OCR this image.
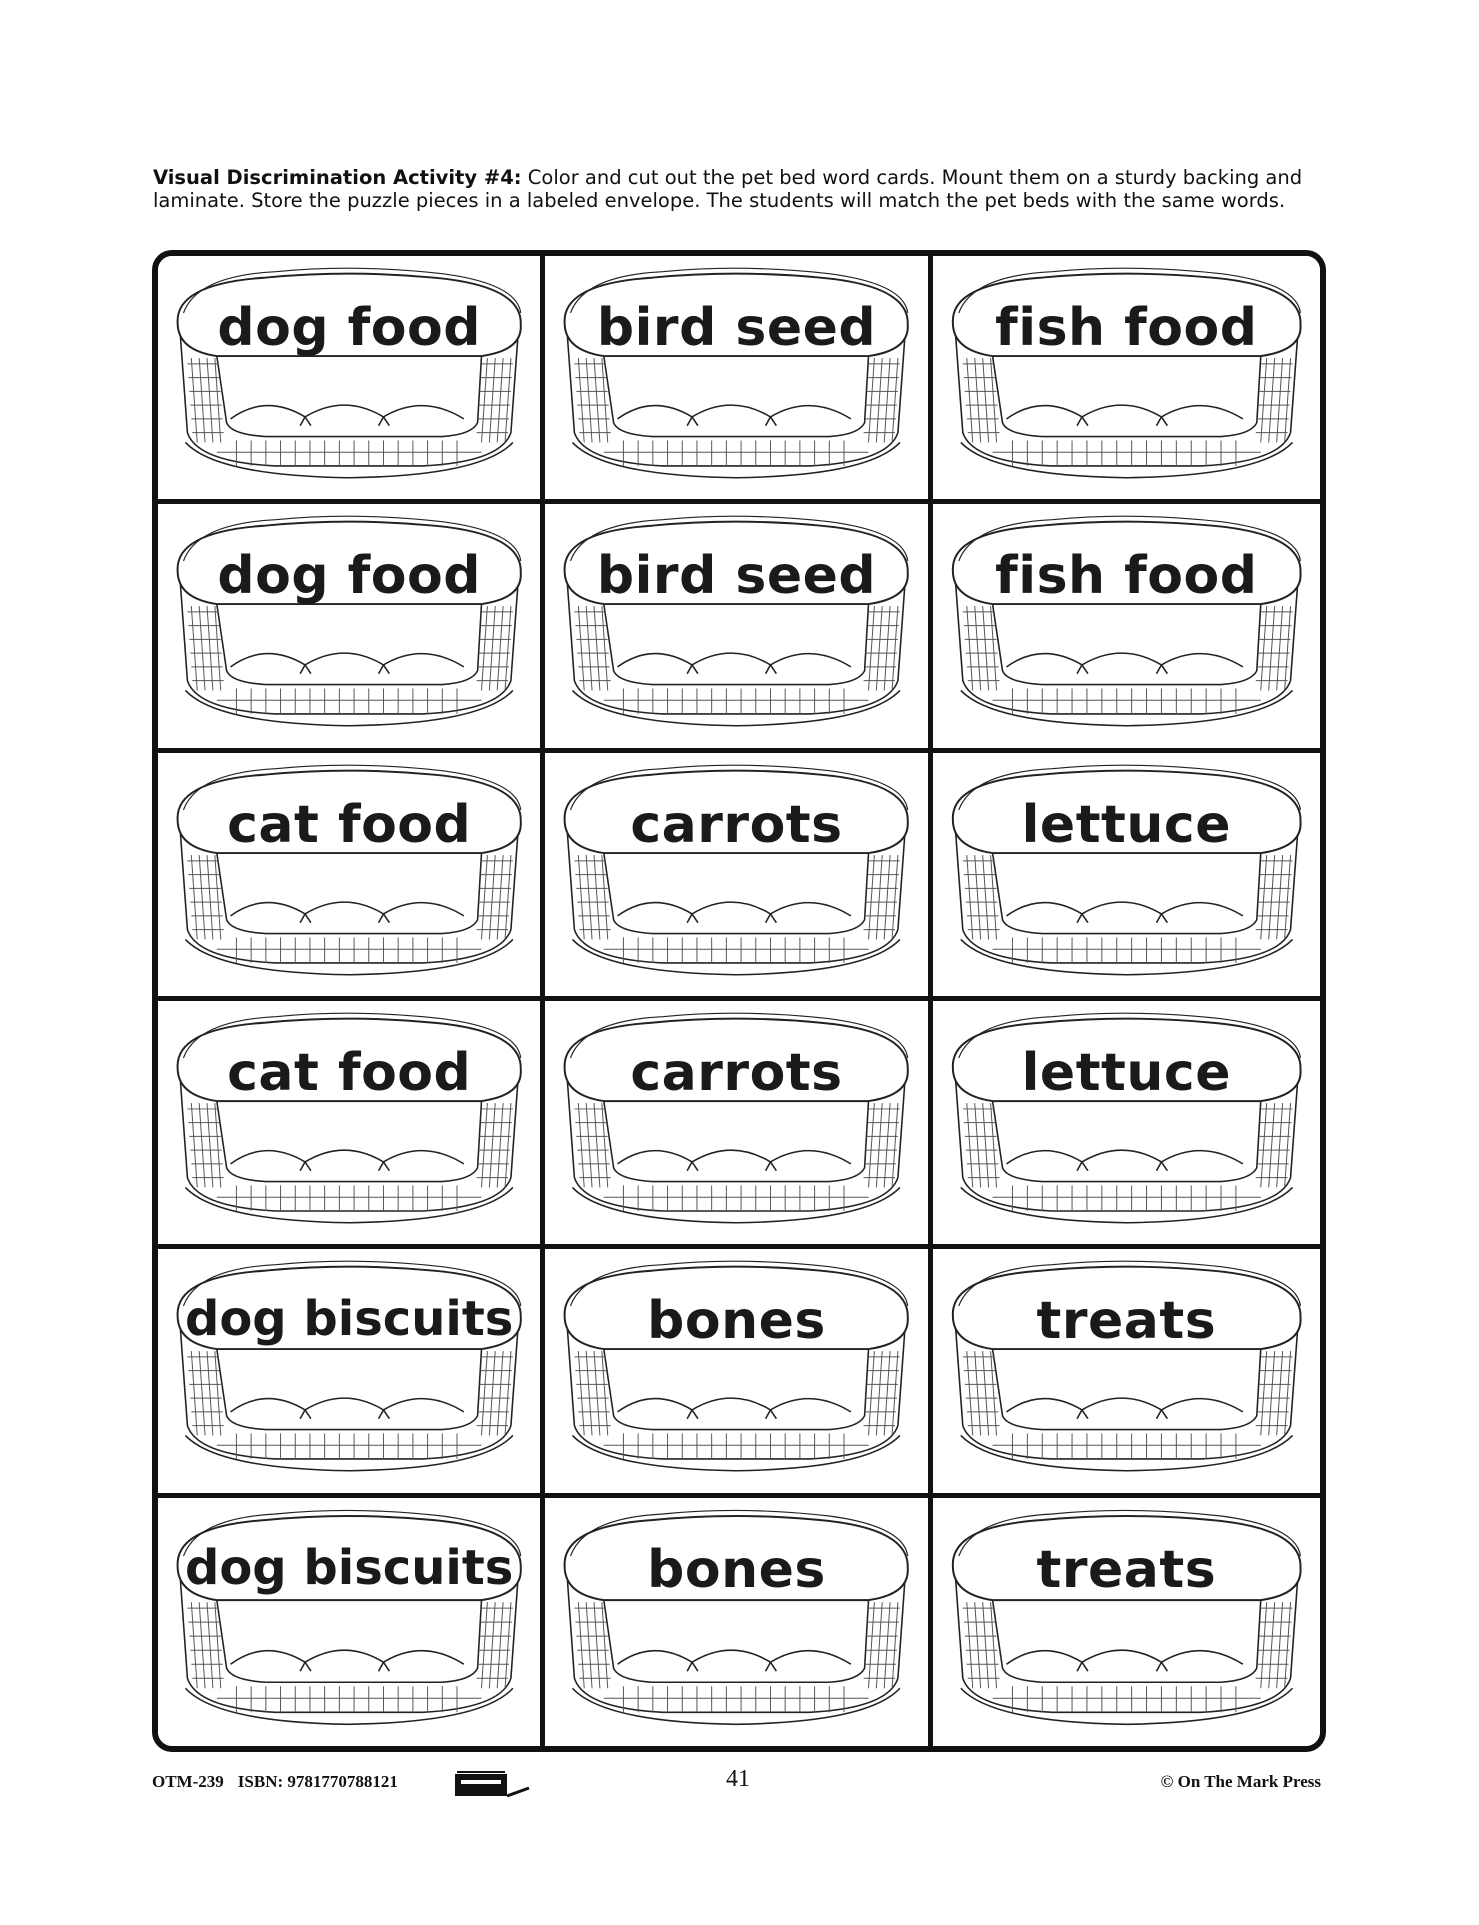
Visual Discrimination Activity #4: Color and cut out the pet bed word cards. Mount them on a sturdy backing and laminate. Store the puzzle pieces in a labeled envelope. The students will match the pet beds with the same words.
dog food	bird seed	fish food
dog food	bird seed	fish food
cat food	carrots	lettuce
cat food	carrots	lettuce
dog biscuits	bones	treats
dog biscuits	bones	treats
OTM-239 ISBN: 9781770788121	41	© On The Mark Press
